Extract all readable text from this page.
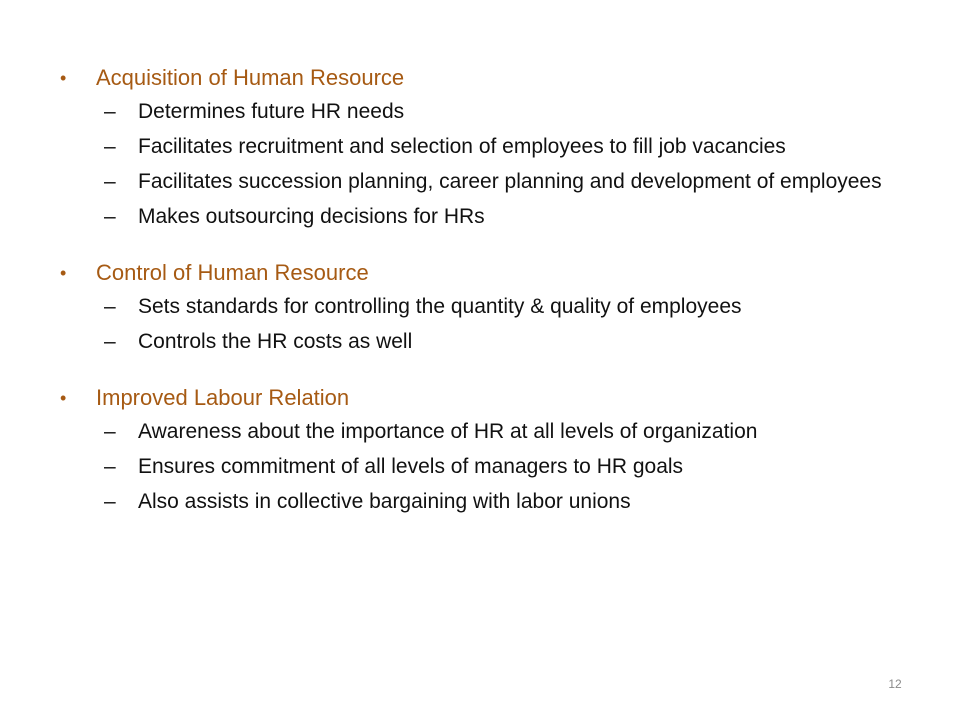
• Acquisition of Human Resource
– Determines future HR needs
– Facilitates recruitment and selection of employees to fill job vacancies
– Facilitates succession planning, career planning and development of employees
– Makes outsourcing decisions for HRs
• Control of Human Resource
– Sets standards for controlling the quantity & quality of employees
– Controls the HR costs as well
• Improved Labour Relation
– Awareness about the importance of HR at all levels of organization
– Ensures commitment of all levels of managers to HR goals
– Also assists in collective bargaining with labor unions
12
